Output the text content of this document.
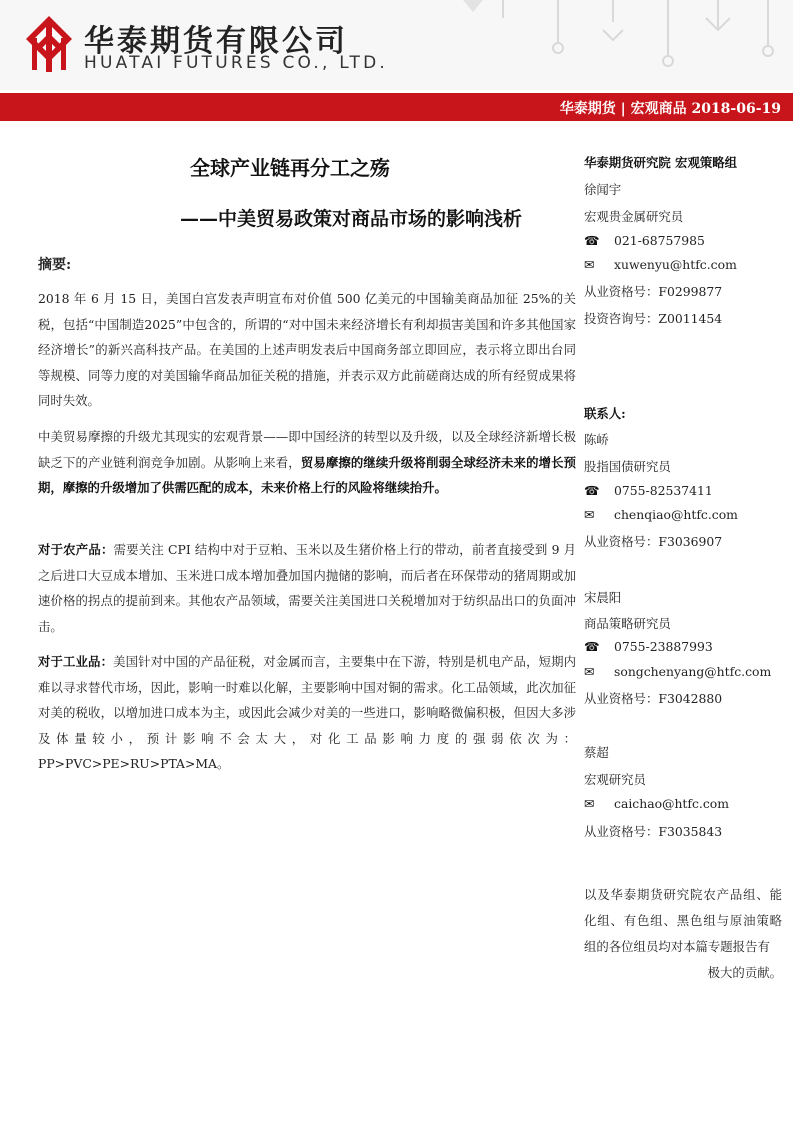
华泰期货有限公司
HUATAI FUTURES CO., LTD.
华泰期货 | 宏观商品 2018-06-19
全球产业链再分工之殇
——中美贸易政策对商品市场的影响浅析
摘要:

2018 年 6 月 15 日，美国白宫发表声明宣布对价值 500 亿美元的中国输美商品加征 25%的关税，包括“中国制造2025”中包含的，所谓的“对中国未来经济增长有利却损害美国和许多其他国家经济增长”的新兴高科技产品。在美国的上述声明发表后中国商务部立即回应，表示将立即出台同等规模、同等力度的对美国输华商品加征关税的措施，并表示双方此前磋商达成的所有经贸成果将同时失效。

中美贸易摩擦的升级尤其现实的宏观背景——即中国经济的转型以及升级，以及全球经济新增长极缺乏下的产业链利润竞争加剧。从影响上来看，贸易摩擦的继续升级将削弱全球经济未来的增长预期，摩擦的升级增加了供需匹配的成本，未来价格上行的风险将继续抬升。

对于农产品：需要关注 CPI 结构中对于豆粕、玉米以及生猪价格上行的带动，前者直接受到 9 月之后进口大豆成本增加、玉米进口成本增加叠加国内抛储的影响，而后者在环保带动的猪周期或加速价格的拐点的提前到来。其他农产品领域，需要关注美国进口关税增加对于纺织品出口的负面冲击。

对于工业品：美国针对中国的产品征税，对金属而言，主要集中在下游，特别是机电产品，短期内难以寻求替代市场，因此，影响一时难以化解，主要影响中国对铜的需求。化工品领域，此次加征对美的税收，以增加进口成本为主，或因此会减少对美的一些进口，影响略微偏积极，但因大多涉及体量较小，预计影响不会太大，对化工品影响力度的强弱依次为：PP>PVC>PE>RU>PTA>MA。

华泰期货研究院 宏观策略组
徐闻宇
宏观贵金属研究员
☎ 021-68757985
✉ xuwenyu@htfc.com
从业资格号：F0299877
投资咨询号：Z0011454
联系人:
陈峤
股指国债研究员
☎ 0755-82537411
✉ chenqiao@htfc.com
从业资格号：F3036907
宋晨阳
商品策略研究员
☎ 0755-23887993
✉ songchenyang@htfc.com
从业资格号：F3042880
蔡超
宏观研究员
✉ caichao@htfc.com
从业资格号：F3035843
以及华泰期货研究院农产品组、能化组、有色组、黑色组与原油策略组的各位组员均对本篇专题报告有
极大的贡献。
